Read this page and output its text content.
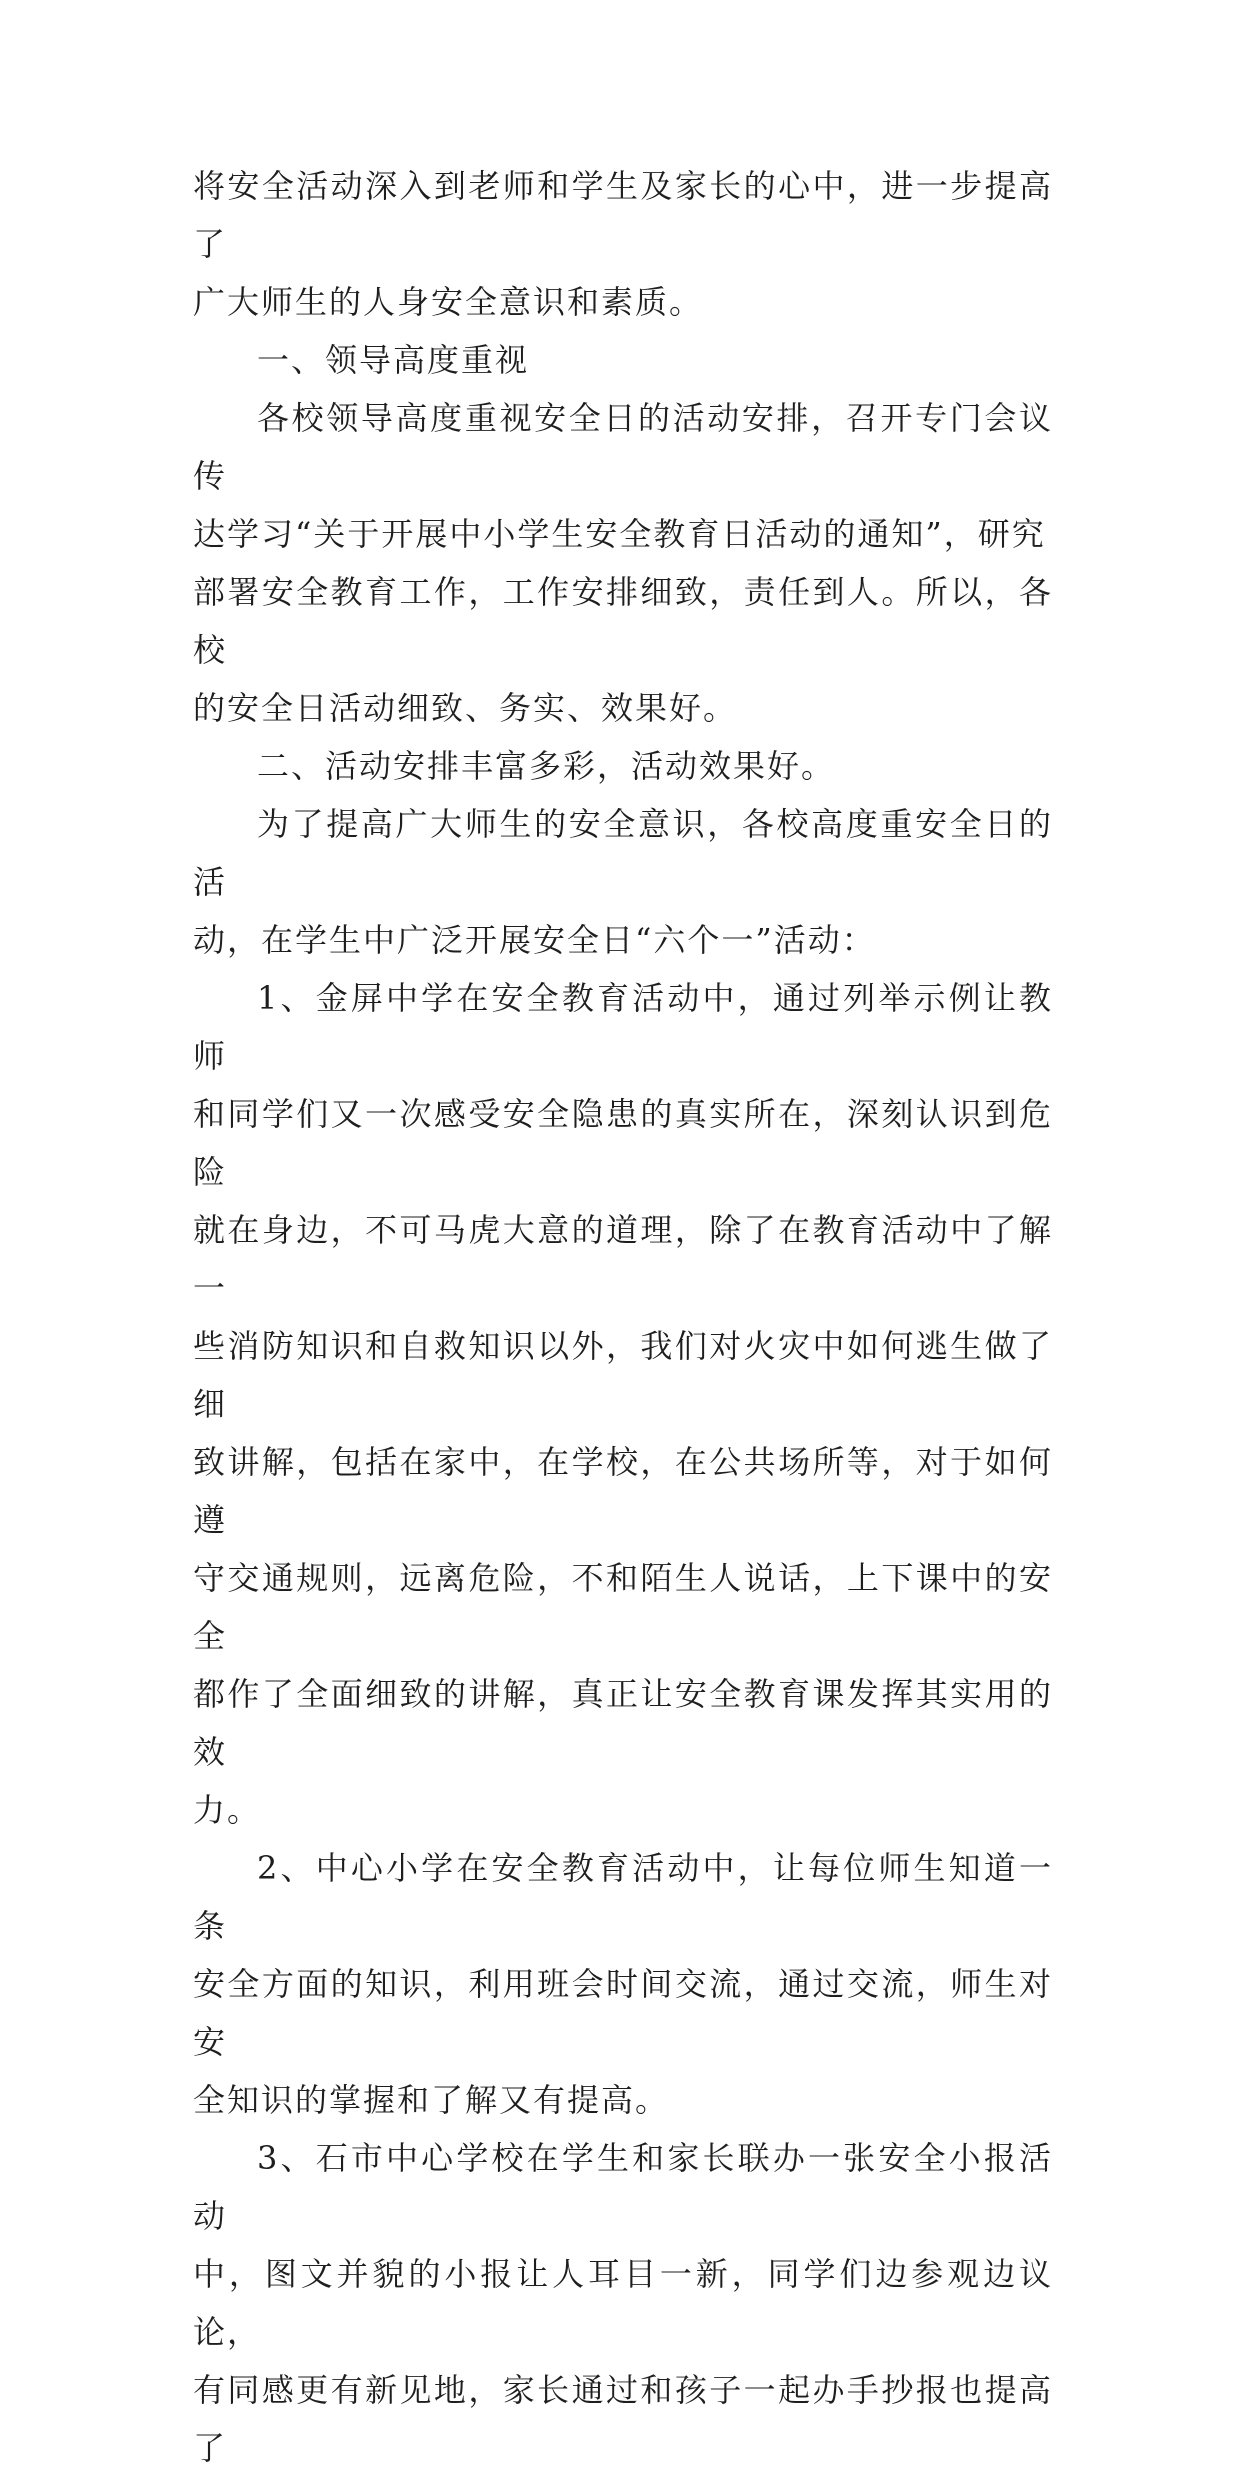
将安全活动深入到老师和学生及家长的心中，进一步提高了
广大师生的人身安全意识和素质。

一、领导高度重视

各校领导高度重视安全日的活动安排，召开专门会议传
达学习“关于开展中小学生安全教育日活动的通知”，研究
部署安全教育工作，工作安排细致，责任到人。所以，各校
的安全日活动细致、务实、效果好。

二、活动安排丰富多彩，活动效果好。

为了提高广大师生的安全意识，各校高度重安全日的活
动，在学生中广泛开展安全日“六个一”活动：

1、金屏中学在安全教育活动中，通过列举示例让教师
和同学们又一次感受安全隐患的真实所在，深刻认识到危险
就在身边，不可马虎大意的道理，除了在教育活动中了解一
些消防知识和自救知识以外，我们对火灾中如何逃生做了细
致讲解，包括在家中，在学校，在公共场所等，对于如何遵
守交通规则，远离危险，不和陌生人说话，上下课中的安全
都作了全面细致的讲解，真正让安全教育课发挥其实用的效
力。

2、中心小学在安全教育活动中，让每位师生知道一条
安全方面的知识，利用班会时间交流，通过交流，师生对安
全知识的掌握和了解又有提高。

3、石市中心学校在学生和家长联办一张安全小报活动
中，图文并貌的小报让人耳目一新，同学们边参观边议论，
有同感更有新见地，家长通过和孩子一起办手抄报也提高了
